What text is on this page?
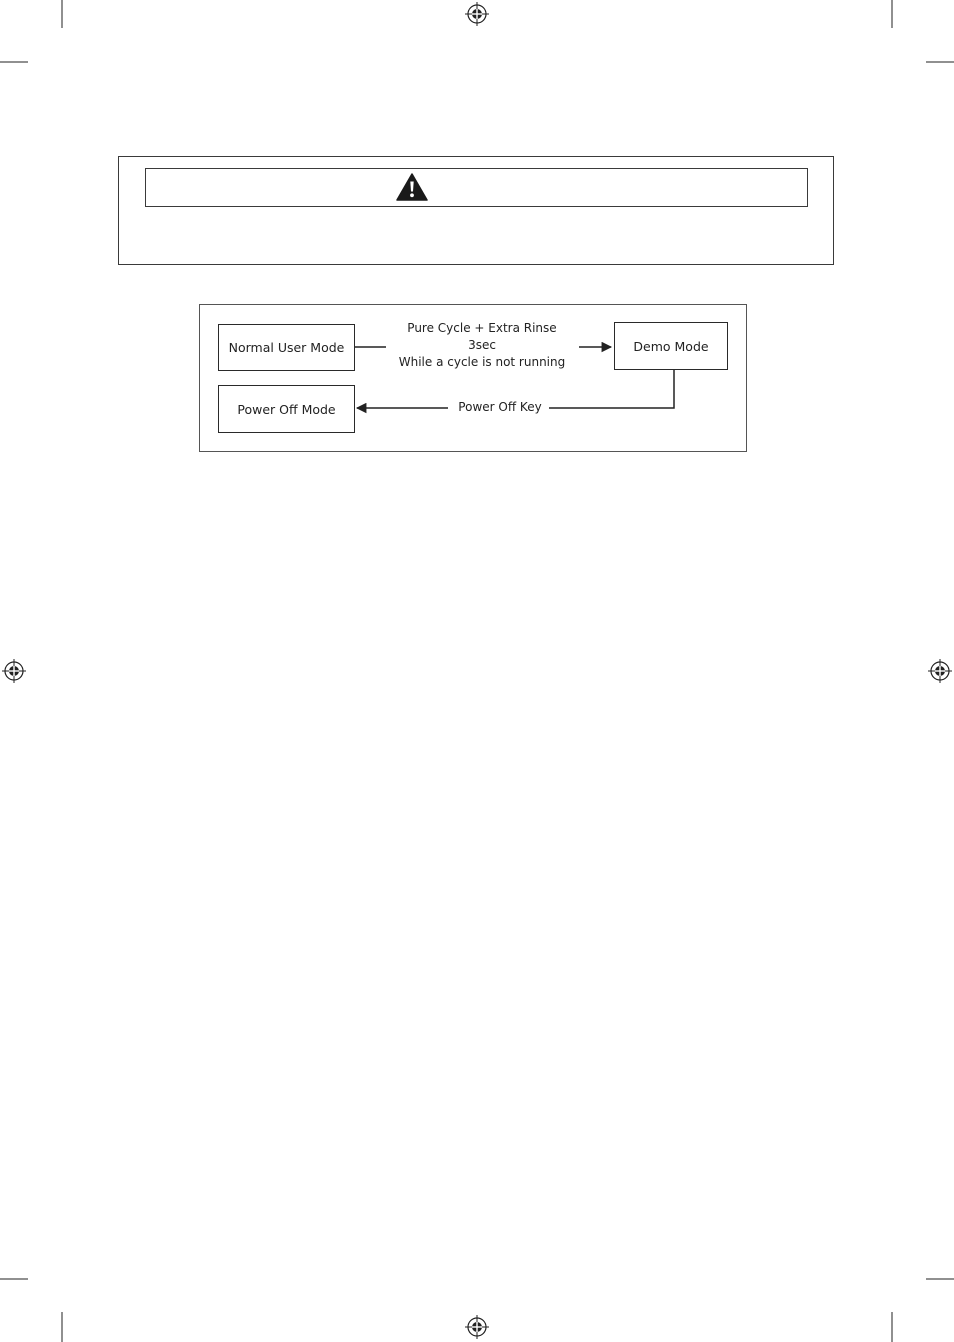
Normal User Mode	Demo Mode
Power Off Mode
Pure Cycle + Extra Rinse
3sec
While a cycle is not running
Power Off Key
